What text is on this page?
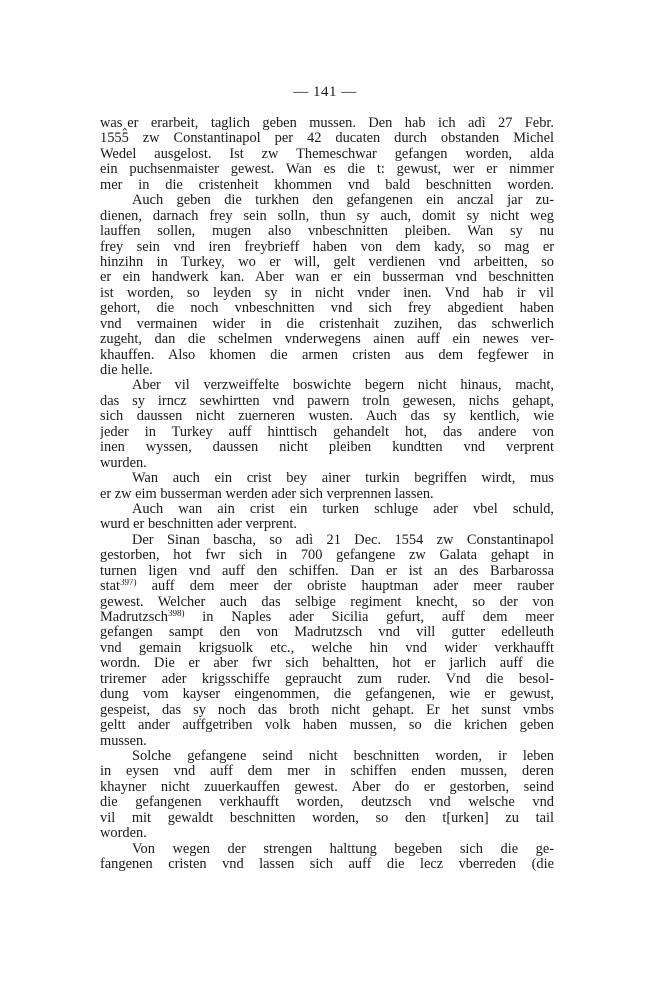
— 141 —
was‸er erarbeit, taglich geben mussen. Den hab ich adì 27 Febr.
1555 zw Constantinapol per 42 ducaten durch obstanden Michel
Wedel ausgelost. Ist zw Themeschwar gefangen worden, alda
ein puchsenmaister gewest. Wan es die t: gewust, wer er nimmer
mer in die cristenheit khommen vnd bald beschnitten worden.
Auch geben die turkhen den gefangenen ein anczal jar zu-
dienen, darnach frey sein solln, thun sy auch, domit sy nicht weg
lauffen sollen, mugen also vnbeschnitten pleiben. Wan sy nu
frey sein vnd iren freybrieff haben von dem kady, so mag er
hinzihn in Turkey, wo er will, gelt verdienen vnd arbeitten, so
er ein handwerk kan. Aber wan er ein busserman vnd beschnitten
ist worden, so leyden sy in nicht vnder inen. Vnd hab ir vil
gehort, die noch vnbeschnitten vnd sich frey abgedient haben
vnd vermainen wider in die cristenhait zuzihen, das schwerlich
zugeht, dan die schelmen vnderwegens ainen auff ein newes ver-
khauffen. Also khomen die armen cristen aus dem fegfewer in
die helle.
Aber vil verzweiffelte boswichte begern nicht hinaus, macht,
das sy irncz sewhirtten vnd pawern troln gewesen, nichs gehapt,
sich daussen nicht zuerneren wusten. Auch das sy kentlich, wie
jeder in Turkey auff hinttisch gehandelt hot, das andere von
inen wyssen, daussen nicht pleiben kundtten vnd verprent
wurden.
Wan auch ein crist bey ainer turkin begriffen wirdt, mus
er zw eim busserman werden ader sich verprennen lassen.
Auch wan ain crist ein turken schluge ader vbel schuld,
wurd er beschnitten ader verprent.
Der Sinan bascha, so adì 21 Dec. 1554 zw Constantinapol
gestorben, hot fwr sich in 700 gefangene zw Galata gehapt in
turnen ligen vnd auff den schiffen. Dan er ist an des Barbarossa
stat$^{397)}$ auff dem meer der obriste hauptman ader meer rauber
gewest. Welcher auch das selbige regiment knecht, so der von
Madrutzsch$^{398)}$ in Naples ader Sicilia gefurt, auff dem meer
gefangen sampt den von Madrutzsch vnd vill gutter edelleuth
vnd gemain krigsuolk etc., welche hin vnd wider verkhaufft
wordn. Die er aber fwr sich behaltten, hot er jarlich auff die
triremer ader krigsschiffe gepraucht zum ruder. Vnd die besol-
dung vom kayser eingenommen, die gefangenen, wie er gewust,
gespeist, das sy noch das broth nicht gehapt. Er het sunst vmbs
geltt ander auffgetriben volk haben mussen, so die krichen geben
mussen.
Solche gefangene seind nicht beschnitten worden, ir leben
in eysen vnd auff dem mer in schiffen enden mussen, deren
khayner nicht zuuerkauffen gewest. Aber do er gestorben, seind
die gefangenen verkhaufft worden, deutzsch vnd welsche vnd
vil mit gewaldt beschnitten worden, so den t[urken] zu tail
worden.
Von wegen der strengen halttung begeben sich die ge-
fangenen cristen vnd lassen sich auff die lecz vberreden (die
